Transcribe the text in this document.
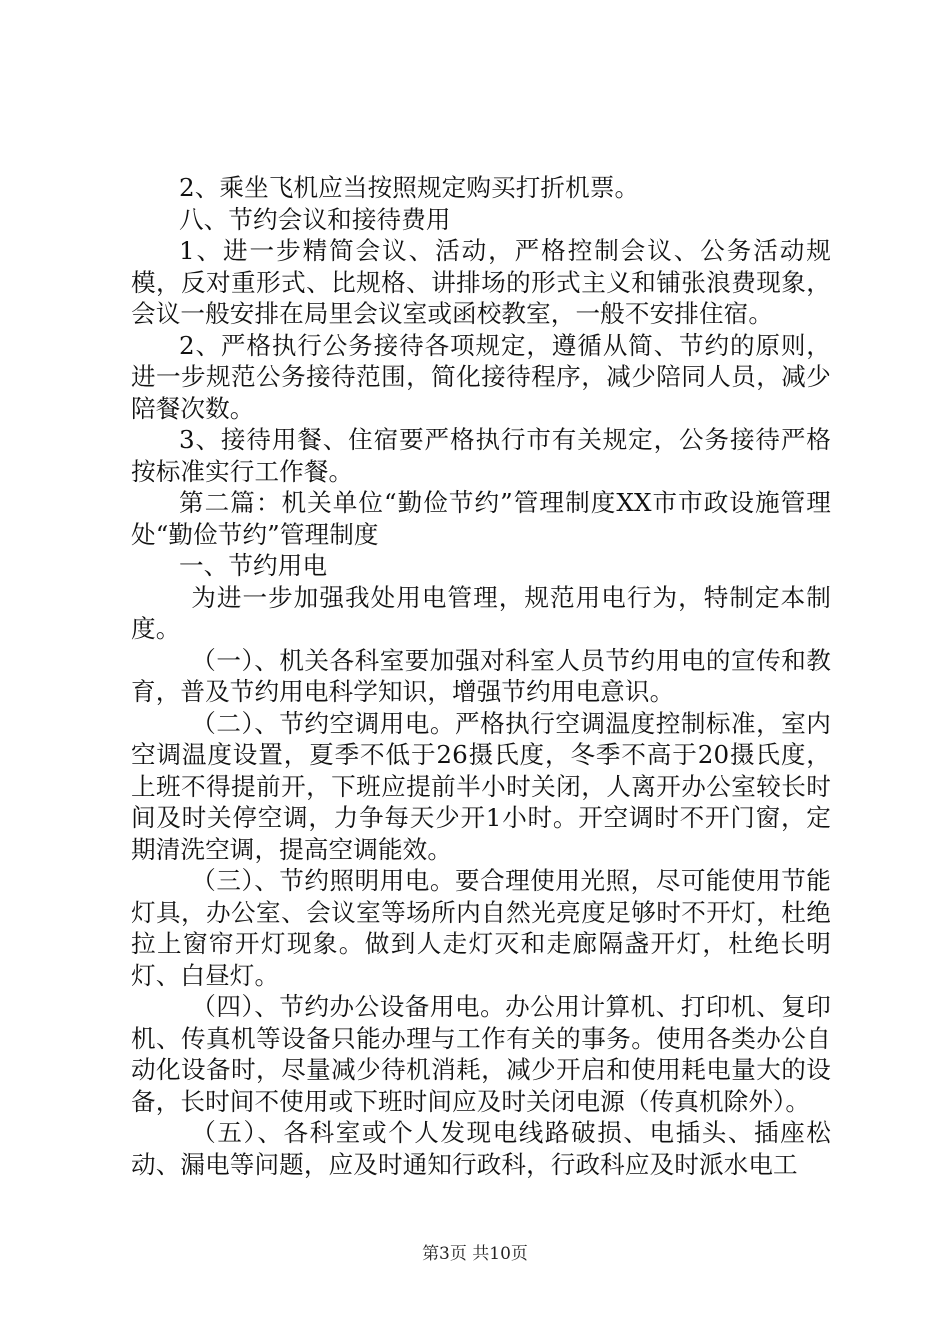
2、乘坐飞机应当按照规定购买打折机票。

八、节约会议和接待费用

1、进一步精简会议、活动，严格控制会议、公务活动规模，反对重形式、比规格、讲排场的形式主义和铺张浪费现象，会议一般安排在局里会议室或函校教室，一般不安排住宿。

2、严格执行公务接待各项规定，遵循从简、节约的原则，进一步规范公务接待范围，简化接待程序，减少陪同人员，减少陪餐次数。

3、接待用餐、住宿要严格执行市有关规定，公务接待严格按标准实行工作餐。

第二篇：机关单位“勤俭节约”管理制度XX市市政设施管理处“勤俭节约”管理制度

一、节约用电

为进一步加强我处用电管理，规范用电行为，特制定本制度。

（一）、机关各科室要加强对科室人员节约用电的宣传和教育，普及节约用电科学知识，增强节约用电意识。

（二）、节约空调用电。严格执行空调温度控制标准，室内空调温度设置，夏季不低于26摄氏度，冬季不高于20摄氏度，上班不得提前开，下班应提前半小时关闭，人离开办公室较长时间及时关停空调，力争每天少开1小时。开空调时不开门窗，定期清洗空调，提高空调能效。

（三）、节约照明用电。要合理使用光照，尽可能使用节能灯具，办公室、会议室等场所内自然光亮度足够时不开灯，杜绝拉上窗帘开灯现象。做到人走灯灭和走廊隔盏开灯，杜绝长明灯、白昼灯。

（四）、节约办公设备用电。办公用计算机、打印机、复印机、传真机等设备只能办理与工作有关的事务。使用各类办公自动化设备时，尽量减少待机消耗，减少开启和使用耗电量大的设备，长时间不使用或下班时间应及时关闭电源（传真机除外）。

（五）、各科室或个人发现电线路破损、电插头、插座松动、漏电等问题，应及时通知行政科，行政科应及时派水电工

第3页 共10页
